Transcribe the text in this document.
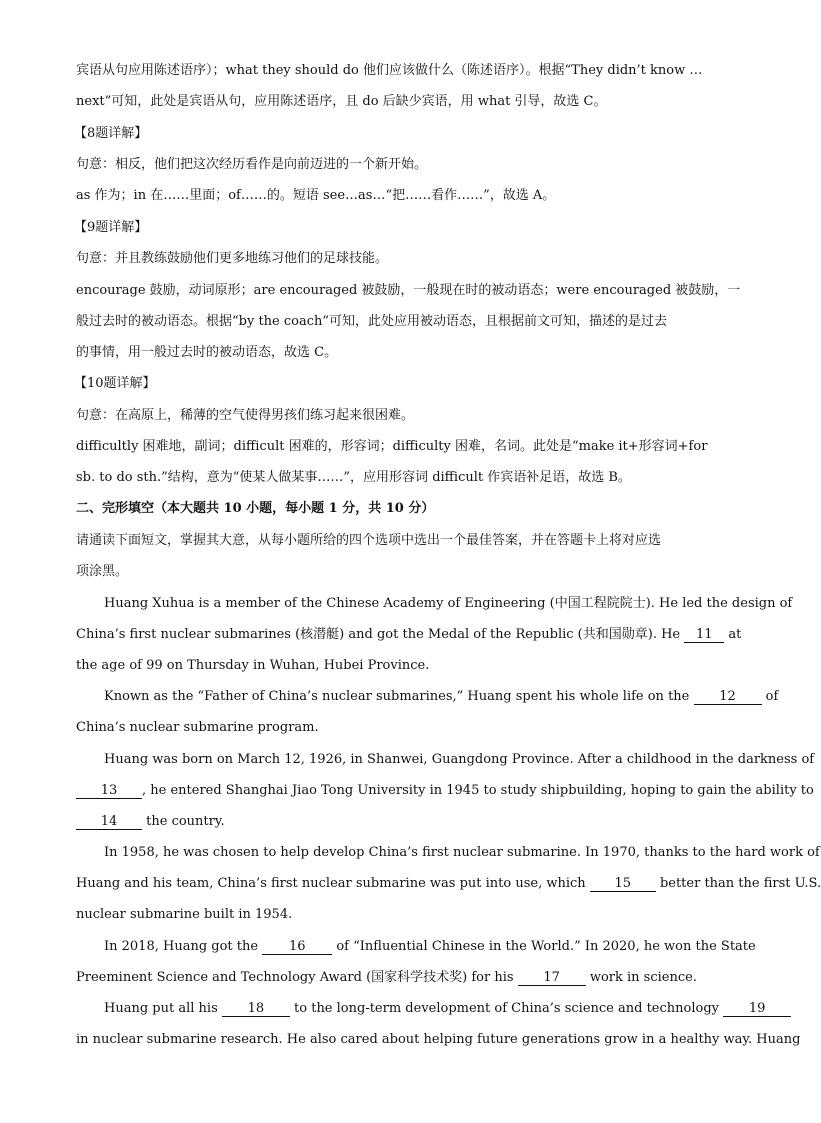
宾语从句应用陈述语序）；what they should do 他们应该做什么（陈述语序）。根据“They didn’t know …
next”可知，此处是宾语从句，应用陈述语序，且 do 后缺少宾语，用 what 引导，故选 C。
【8题详解】
句意：相反，他们把这次经历看作是向前迈进的一个新开始。
as 作为；in 在……里面；of……的。短语 see…as…“把……看作……”，故选 A。
【9题详解】
句意：并且教练鼓励他们更多地练习他们的足球技能。
encourage 鼓励，动词原形；are encouraged 被鼓励，一般现在时的被动语态；were encouraged 被鼓励，一
般过去时的被动语态。根据“by the coach”可知，此处应用被动语态，且根据前文可知，描述的是过去
的事情，用一般过去时的被动语态，故选 C。
【10题详解】
句意：在高原上，稀薄的空气使得男孩们练习起来很困难。
difficultly 困难地，副词；difficult 困难的，形容词；difficulty 困难，名词。此处是“make it+形容词+for
sb. to do sth.”结构，意为“使某人做某事……”，应用形容词 difficult 作宾语补足语，故选 B。
二、完形填空（本大题共 10 小题，每小题 1 分，共 10 分）
请通读下面短文，掌握其大意，从每小题所给的四个选项中选出一个最佳答案，并在答题卡上将对应选
项涂黑。
Huang Xuhua is a member of the Chinese Academy of Engineering (中国工程院院士). He led the design of
China’s first nuclear submarines (核潜艇) and got the Medal of the Republic (共和国勋章). He 11 at
the age of 99 on Thursday in Wuhan, Hubei Province.
Known as the “Father of China’s nuclear submarines,” Huang spent his whole life on the 12 of
China’s nuclear submarine program.
Huang was born on March 12, 1926, in Shanwei, Guangdong Province. After a childhood in the darkness of
13 , he entered Shanghai Jiao Tong University in 1945 to study shipbuilding, hoping to gain the ability to
14 the country.
In 1958, he was chosen to help develop China’s first nuclear submarine. In 1970, thanks to the hard work of
Huang and his team, China’s first nuclear submarine was put into use, which 15 better than the first U.S.
nuclear submarine built in 1954.
In 2018, Huang got the 16 of “Influential Chinese in the World.” In 2020, he won the State
Preeminent Science and Technology Award (国家科学技术奖) for his 17 work in science.
Huang put all his 18 to the long-term development of China’s science and technology 19
in nuclear submarine research. He also cared about helping future generations grow in a healthy way. Huang
